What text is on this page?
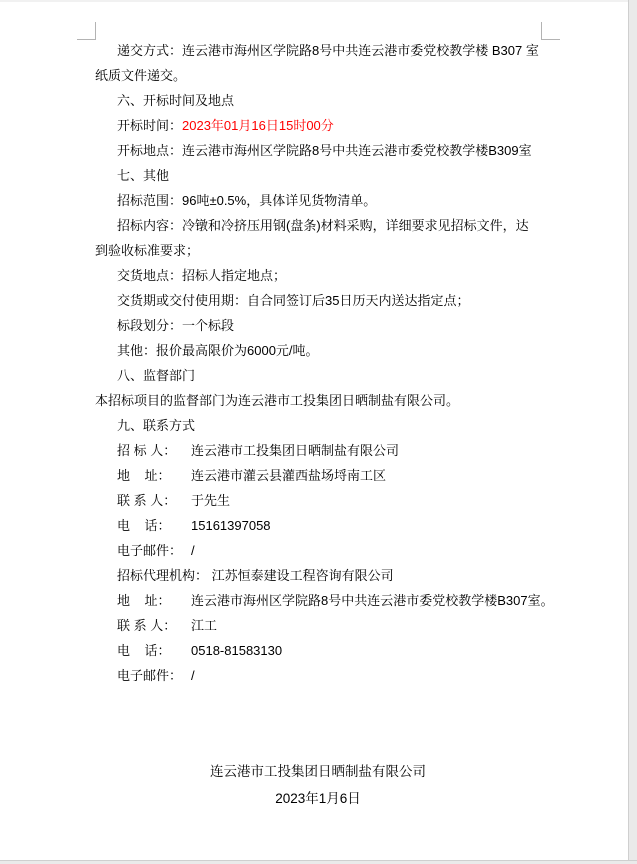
递交方式：连云港市海州区学院路8号中共连云港市委党校教学楼 B307 室
纸质文件递交。
六、开标时间及地点
开标时间：2023年01月16日15时00分
开标地点：连云港市海州区学院路8号中共连云港市委党校教学楼B309室
七、其他
招标范围：96吨±0.5%，具体详见货物清单。
招标内容：冷镦和冷挤压用钢(盘条)材料采购，详细要求见招标文件，达
到验收标准要求；
交货地点：招标人指定地点；
交货期或交付使用期：自合同签订后35日历天内送达指定点；
标段划分：一个标段
其他：报价最高限价为6000元/吨。
八、监督部门
本招标项目的监督部门为连云港市工投集团日晒制盐有限公司。
九、联系方式
招 标 人： 连云港市工投集团日晒制盐有限公司
地    址： 连云港市灌云县灌西盐场埒南工区
联 系 人： 于先生
电    话： 15161397058
电子邮件： /
招标代理机构： 江苏恒泰建设工程咨询有限公司
地    址： 连云港市海州区学院路8号中共连云港市委党校教学楼B307室。
联 系 人： 江工
电    话： 0518-81583130
电子邮件： /
连云港市工投集团日晒制盐有限公司
2023年1月6日
